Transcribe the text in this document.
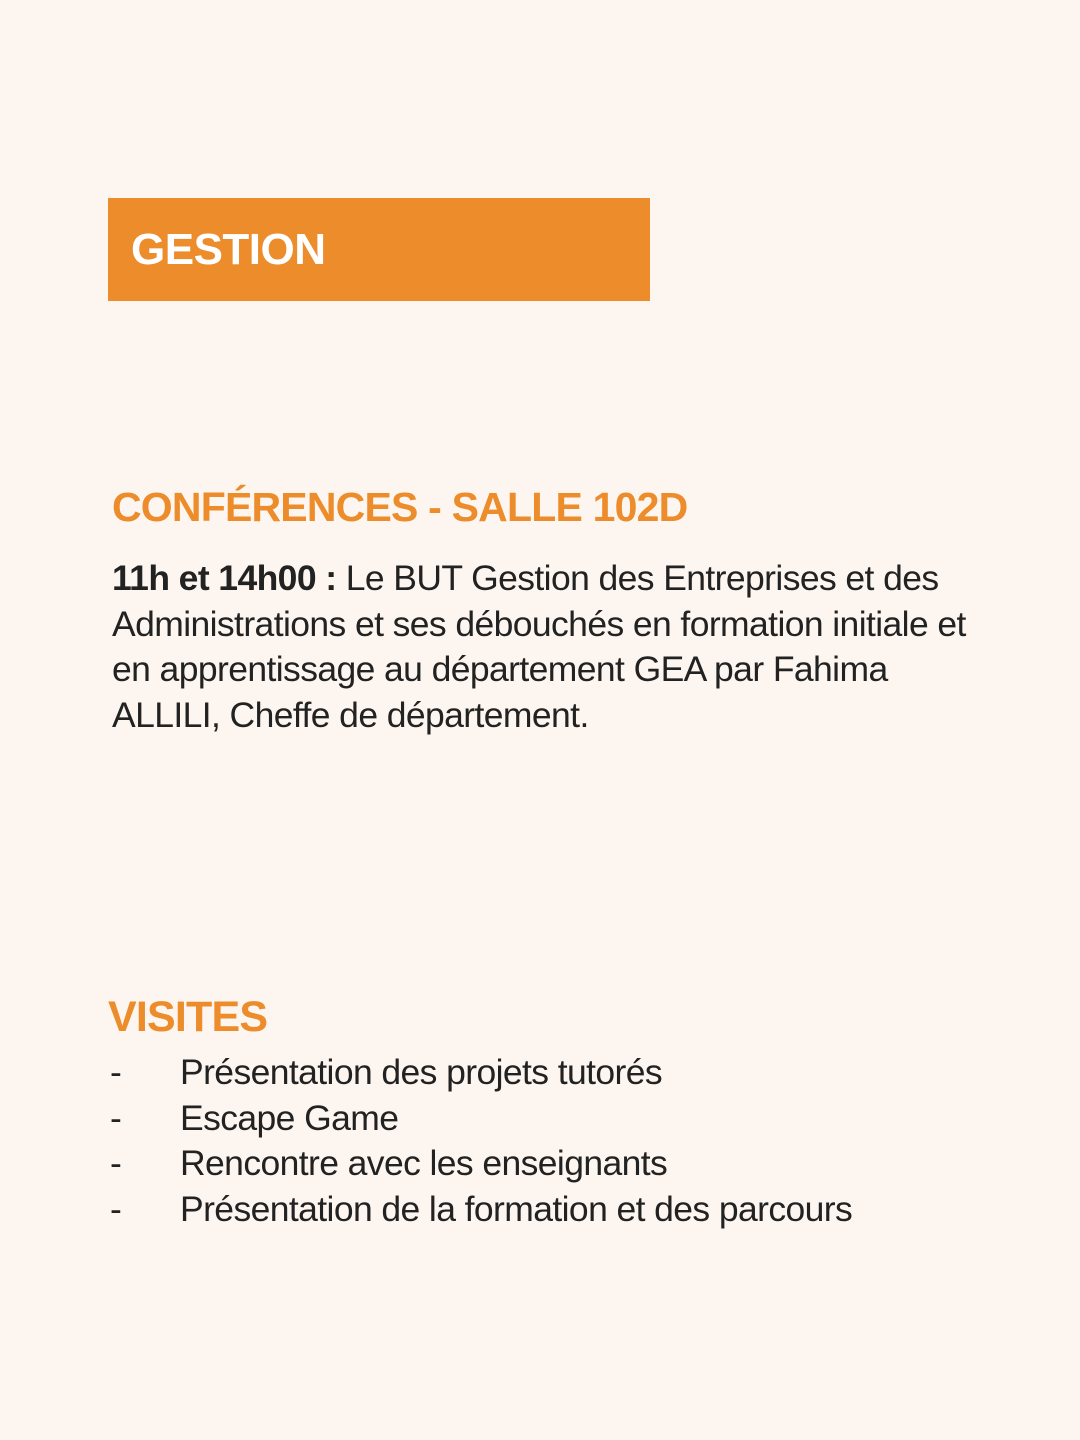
GESTION
CONFÉRENCES - SALLE 102D

11h et 14h00 : Le BUT Gestion des Entreprises et des Administrations et ses débouchés en formation initiale et en apprentissage au département GEA par Fahima ALLILI, Cheffe de département.

VISITES
-	Présentation des projets tutorés
-	Escape Game
-	Rencontre avec les enseignants
-	Présentation de la formation et des parcours
